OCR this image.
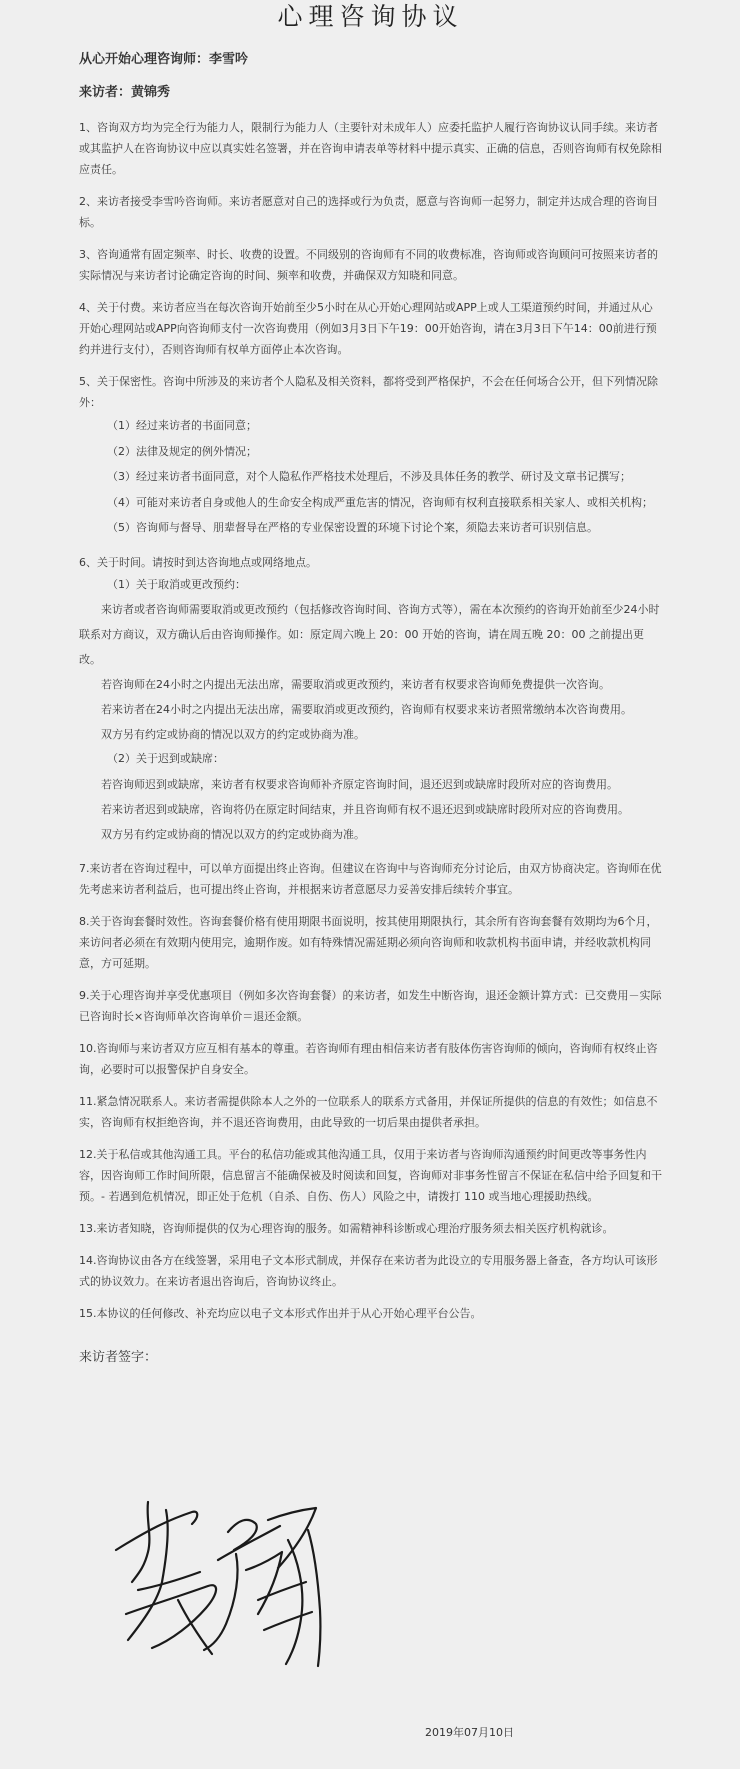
心理咨询协议

从心开始心理咨询师：李雪吟

来访者：黄锦秀

1、咨询双方均为完全行为能力人，限制行为能力人（主要针对未成年人）应委托监护人履行咨询协议认同手续。来访者或其监护人在咨询协议中应以真实姓名签署，并在咨询申请表单等材料中提示真实、正确的信息，否则咨询师有权免除相应责任。

2、来访者接受李雪吟咨询师。来访者愿意对自己的选择或行为负责，愿意与咨询师一起努力，制定并达成合理的咨询目标。

3、咨询通常有固定频率、时长、收费的设置。不同级别的咨询师有不同的收费标准，咨询师或咨询顾问可按照来访者的实际情况与来访者讨论确定咨询的时间、频率和收费，并确保双方知晓和同意。

4、关于付费。来访者应当在每次咨询开始前至少5小时在从心开始心理网站或APP上或人工渠道预约时间，并通过从心开始心理网站或APP向咨询师支付一次咨询费用（例如3月3日下午19：00开始咨询，请在3月3日下午14：00前进行预约并进行支付），否则咨询师有权单方面停止本次咨询。

5、关于保密性。咨询中所涉及的来访者个人隐私及相关资料，都将受到严格保护，不会在任何场合公开，但下列情况除外：

（1）经过来访者的书面同意；

（2）法律及规定的例外情况；

（3）经过来访者书面同意，对个人隐私作严格技术处理后，不涉及具体任务的教学、研讨及文章书记撰写；

（4）可能对来访者自身或他人的生命安全构成严重危害的情况，咨询师有权利直接联系相关家人、或相关机构；

（5）咨询师与督导、朋辈督导在严格的专业保密设置的环境下讨论个案，须隐去来访者可识别信息。

6、关于时间。请按时到达咨询地点或网络地点。

（1）关于取消或更改预约：

来访者或者咨询师需要取消或更改预约（包括修改咨询时间、咨询方式等），需在本次预约的咨询开始前至少24小时联系对方商议，双方确认后由咨询师操作。如：原定周六晚上 20：00 开始的咨询，请在周五晚 20：00 之前提出更改。

若咨询师在24小时之内提出无法出席，需要取消或更改预约，来访者有权要求咨询师免费提供一次咨询。

若来访者在24小时之内提出无法出席，需要取消或更改预约，咨询师有权要求来访者照常缴纳本次咨询费用。

双方另有约定或协商的情况以双方的约定或协商为准。

（2）关于迟到或缺席：

若咨询师迟到或缺席，来访者有权要求咨询师补齐原定咨询时间，退还迟到或缺席时段所对应的咨询费用。

若来访者迟到或缺席，咨询将仍在原定时间结束，并且咨询师有权不退还迟到或缺席时段所对应的咨询费用。

双方另有约定或协商的情况以双方的约定或协商为准。

7.来访者在咨询过程中，可以单方面提出终止咨询。但建议在咨询中与咨询师充分讨论后，由双方协商决定。咨询师在优先考虑来访者利益后，也可提出终止咨询，并根据来访者意愿尽力妥善安排后续转介事宜。

8.关于咨询套餐时效性。咨询套餐价格有使用期限书面说明，按其使用期限执行，其余所有咨询套餐有效期均为6个月，来访问者必须在有效期内使用完，逾期作废。如有特殊情况需延期必须向咨询师和收款机构书面申请，并经收款机构同意，方可延期。

9.关于心理咨询并享受优惠项目（例如多次咨询套餐）的来访者，如发生中断咨询，退还金额计算方式：已交费用－实际已咨询时长×咨询师单次咨询单价＝退还金额。

10.咨询师与来访者双方应互相有基本的尊重。若咨询师有理由相信来访者有肢体伤害咨询师的倾向，咨询师有权终止咨询，必要时可以报警保护自身安全。

11.紧急情况联系人。来访者需提供除本人之外的一位联系人的联系方式备用，并保证所提供的信息的有效性；如信息不实，咨询师有权拒绝咨询，并不退还咨询费用，由此导致的一切后果由提供者承担。

12.关于私信或其他沟通工具。平台的私信功能或其他沟通工具，仅用于来访者与咨询师沟通预约时间更改等事务性内容，因咨询师工作时间所限，信息留言不能确保被及时阅读和回复，咨询师对非事务性留言不保证在私信中给予回复和干预。- 若遇到危机情况，即正处于危机（自杀、自伤、伤人）风险之中，请拨打 110 或当地心理援助热线。

13.来访者知晓，咨询师提供的仅为心理咨询的服务。如需精神科诊断或心理治疗服务须去相关医疗机构就诊。

14.咨询协议由各方在线签署，采用电子文本形式制成，并保存在来访者为此设立的专用服务器上备查，各方均认可该形式的协议效力。在来访者退出咨询后，咨询协议终止。

15.本协议的任何修改、补充均应以电子文本形式作出并于从心开始心理平台公告。

来访者签字：

2019年07月10日
